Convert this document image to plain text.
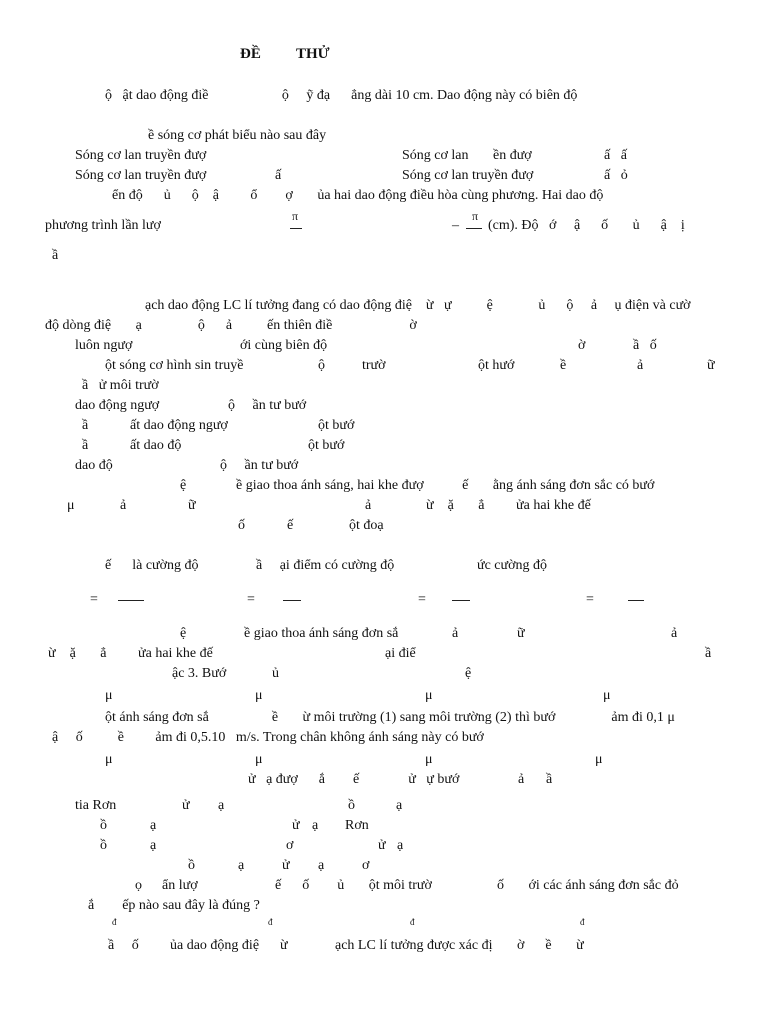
ĐỀ THỬ
ộ   ật dao động điề                     ộ     ỹ đạ      ẳng dài 10 cm. Dao động này có biên độ
ề sóng cơ phát biểu nào sau đây
Sóng cơ lan truyền đượ	Sóng cơ lan       ền đượ	ấ   ấ
Sóng cơ lan truyền đượ	ấ	Sóng cơ lan truyền đượ	ấ   ỏ
ển độ      ủ      ộ    ậ         ổ        ợ       ủa hai dao động điều hòa cùng phương. Hai dao độ
phương trình lần lượ	(cm). Độ   ớ     ậ      ố       ủ      ậ    ị
ầ
ạch dao động LC lí tưởng đang có dao động điệ    ừ   ự          ệ             ủ      ộ     ả     ụ điện và cườ
độ dòng điệ       ạ                ộ      ả          ến thiên điề                      ờ
luôn ngượ	ới cùng biên độ	ờ	ầ   ố
ột sóng cơ hình sin truyề	ộ	trườ	ột hướ	ề	ả	ữ
ầ   ử môi trườ
dao động ngượ	ộ     ần tư bướ
ầ	ất dao động ngượ	ột bướ
ầ	ất dao độ	ột bướ
dao độ	ộ     ần tư bướ
ệ	ề giao thoa ánh sáng, hai khe đượ           ế       ằng ánh sáng đơn sắc có bướ
μ	ả	ữ	ả	ừ    ặ       ẳ         ửa hai khe đế
ố	ế	ột đoạ
ế      là cường độ	ầ     ại điểm có cường độ	ức cường độ
ệ	ề giao thoa ánh sáng đơn sắ	ả	ữ	ả
ừ    ặ       ẳ         ửa hai khe đế	ại điể	ầ
ậc 3. Bướ	ủ	ệ
μ	μ	μ	μ
ột ánh sáng đơn sắ                  ề       ừ môi trường (1) sang môi trường (2) thì bướ                ảm đi 0,1 μ
ậ     ố          ề         ảm đi 0,5.10   m/s. Trong chân không ánh sáng này có bướ
μ	μ	μ	μ
ử   ạ đượ      ắ        ế              ử   ự bướ	ả ầ
tia Rơn	ử ạ	ồ	ạ
ồ	ạ	ử ạ Rơn
ồ	ạ	ơ	ử ạ
ồ	ạ	ử ạ	ơ
ọ ẩn lượ	ế      ố        ủ       ột môi trườ	ố       ới các ánh sáng đơn sắc đỏ
ắ        ếp nào sau đây là đúng ?
ầ     ố ủa dao động điệ      ừ	ạch LC lí tưởng được xác đị       ờ      ề       ừ
π
–
π
=	=	=	=
đ	đ	đ	đ
